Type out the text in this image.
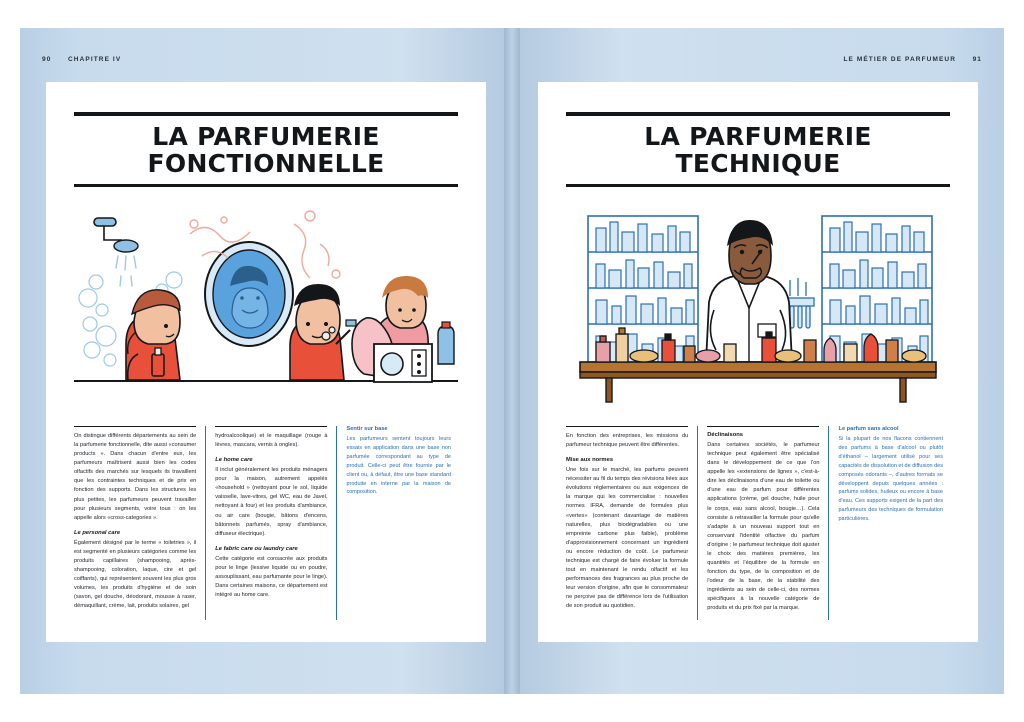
90	CHAPITRE IV
LA PARFUMERIE
FONCTIONNELLE

On distingue différents départements au sein de la parfumerie fonctionnelle, dite aussi «consumer products ». Dans chacun d'entre eux, les parfumeurs maîtrisent aussi bien les codes olfactifs des marchés sur lesquels ils travaillent que les contraintes techniques et de prix en fonction des supports. Dans les structures les plus petites, les parfumeurs peuvent travailler pour plusieurs segments, voire tous : on les appelle alors «cross-categories ».

Le personal care

Également désigné par le terme « toiletries », il est segmenté en plusieurs catégories comme les produits capillaires (shampooing, après-shampooing, coloration, laque, cire et gel coiffants), qui représentent souvent les plus gros volumes, les produits d'hygiène et de soin (savon, gel douche, déodorant, mousse à raser, démaquillant, crème, lait, produits solaires, gel

hydroalcoolique) et le maquillage (rouge à lèvres, mascara, vernis à ongles).

Le home care

Il inclut généralement les produits ménagers pour la maison, autrement appelés «household » (nettoyant pour le sol, liquide vaisselle, lave-vitres, gel WC, eau de Javel, nettoyant à four) et les produits d'ambiance, ou air care (bougie, bâtons d'encens, bâtonnets parfumés, spray d'ambiance, diffuseur électrique).

Le fabric care ou laundry care

Cette catégorie est consacrée aux produits pour le linge (lessive liquide ou en poudre, assouplissant, eau parfumante pour le linge). Dans certaines maisons, ce département est intégré au home care.

Sentir sur base

Les parfumeurs sentent toujours leurs essais en application dans une base non parfumée correspondant au type de produit. Celle-ci peut être fournie par le client ou, à défaut, être une base standard produite en interne par la maison de composition.

LE MÉTIER DE PARFUMEUR	91
LA PARFUMERIE
TECHNIQUE

En fonction des entreprises, les missions du parfumeur technique peuvent être différentes.

Mise aux normes

Une fois sur le marché, les parfums peuvent nécessiter au fil du temps des révisions liées aux évolutions réglementaires ou aux exigences de la marque qui les commercialise : nouvelles normes IFRA, demande de formules plus «vertes» (contenant davantage de matières naturelles, plus biodégradables ou une empreinte carbone plus faible), problème d'approvisionnement concernant un ingrédient ou encore réduction de coût. Le parfumeur technique est chargé de faire évoluer la formule tout en maintenant le rendu olfactif et les performances des fragrances au plus proche de leur version d'origine, afin que le consommateur ne perçoive pas de différence lors de l'utilisation de son produit au quotidien.

Déclinaisons

Dans certaines sociétés, le parfumeur technique peut également être spécialisé dans le développement de ce que l'on appelle les «extensions de lignes », c'est-à-dire les déclinaisons d'une eau de toilette ou d'une eau de parfum pour différentes applications (crème, gel douche, huile pour le corps, eau sans alcool, bougie…). Cela consiste à retravailler la formule pour qu'elle s'adapte à un nouveau support tout en conservant l'identité olfactive du parfum d'origine ; le parfumeur technique doit ajuster le choix des matières premières, les quantités et l'équilibre de la formule en fonction du type, de la composition et de l'odeur de la base, de la stabilité des ingrédients au sein de celle-ci, des normes spécifiques à la nouvelle catégorie de produits et du prix fixé par la marque.

Le parfum sans alcool

Si la plupart de nos flacons contiennent des parfums à base d'alcool ou plutôt d'éthanol – largement utilisé pour ses capacités de dissolution et de diffusion des composés odorants –, d'autres formats se développent depuis quelques années : parfums solides, huileux ou encore à base d'eau. Ces supports exigent de la part des parfumeurs des techniques de formulation particulières.
